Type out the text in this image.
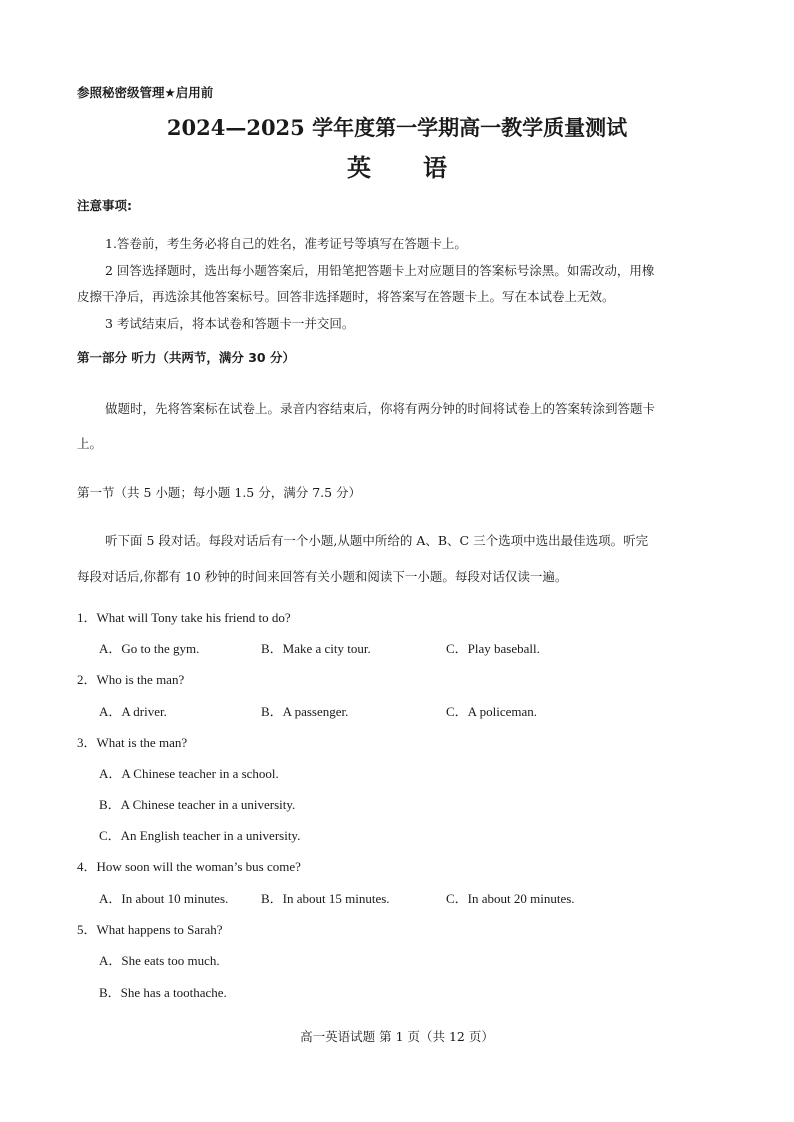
参照秘密级管理★启用前
2024—2025 学年度第一学期高一教学质量测试
英语
注意事项:
1.答卷前，考生务必将自己的姓名，准考证号等填写在答题卡上。
2 回答选择题时，选出每小题答案后，用铅笔把答题卡上对应题目的答案标号涂黑。如需改动，用橡
皮擦干净后，再选涂其他答案标号。回答非选择题时，将答案写在答题卡上。写在本试卷上无效。
3 考试结束后，将本试卷和答题卡一并交回。
第一部分 听力（共两节，满分 30 分）
做题时，先将答案标在试卷上。录音内容结束后，你将有两分钟的时间将试卷上的答案转涂到答题卡
上。
第一节（共 5 小题；每小题 1.5 分，满分 7.5 分）
听下面 5 段对话。每段对话后有一个小题,从题中所给的 A、B、C 三个选项中选出最佳选项。听完
每段对话后,你都有 10 秒钟的时间来回答有关小题和阅读下一小题。每段对话仅读一遍。
1．What will Tony take his friend to do?
A．Go to the gym.	B．Make a city tour.	C．Play baseball.
2．Who is the man?
A．A driver.	B．A passenger.	C．A policeman.
3．What is the man?
A．A Chinese teacher in a school.
B．A Chinese teacher in a university.
C．An English teacher in a university.
4．How soon will the woman’s bus come?
A．In about 10 minutes.	B．In about 15 minutes.	C．In about 20 minutes.
5．What happens to Sarah?
A．She eats too much.
B．She has a toothache.
高一英语试题 第 1 页（共 12 页）
